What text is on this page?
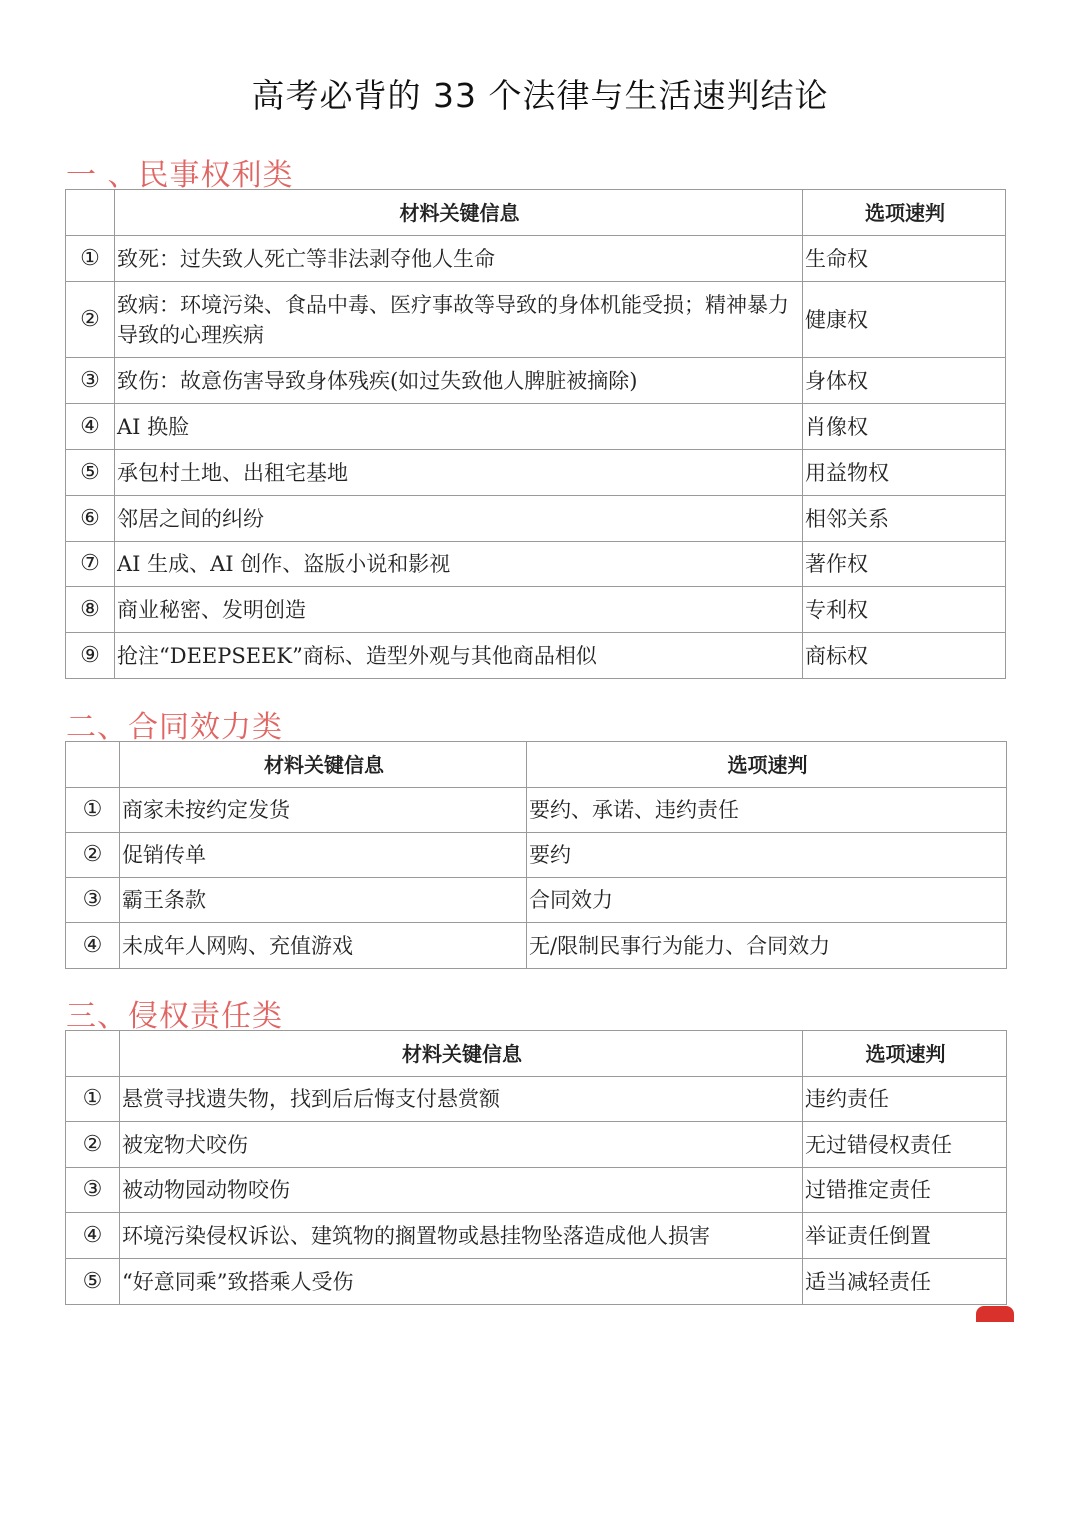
高考必背的 33 个法律与生活速判结论
一 、民事权利类
	材料关键信息	选项速判
①	致死：过失致人死亡等非法剥夺他人生命	生命权
②	致病：环境污染、食品中毒、医疗事故等导致的身体机能受损；精神暴力导致的心理疾病	健康权
③	致伤：故意伤害导致身体残疾(如过失致他人脾脏被摘除)	身体权
④	AI 换脸	肖像权
⑤	承包村土地、出租宅基地	用益物权
⑥	邻居之间的纠纷	相邻关系
⑦	AI 生成、AI 创作、盗版小说和影视	著作权
⑧	商业秘密、发明创造	专利权
⑨	抢注“DEEPSEEK”商标、造型外观与其他商品相似	商标权
二、合同效力类
	材料关键信息	选项速判
①	商家未按约定发货	要约、承诺、违约责任
②	促销传单	要约
③	霸王条款	合同效力
④	未成年人网购、充值游戏	无/限制民事行为能力、合同效力
三、侵权责任类
	材料关键信息	选项速判
①	悬赏寻找遗失物，找到后后悔支付悬赏额	违约责任
②	被宠物犬咬伤	无过错侵权责任
③	被动物园动物咬伤	过错推定责任
④	环境污染侵权诉讼、建筑物的搁置物或悬挂物坠落造成他人损害	举证责任倒置
⑤	“好意同乘”致搭乘人受伤	适当减轻责任
